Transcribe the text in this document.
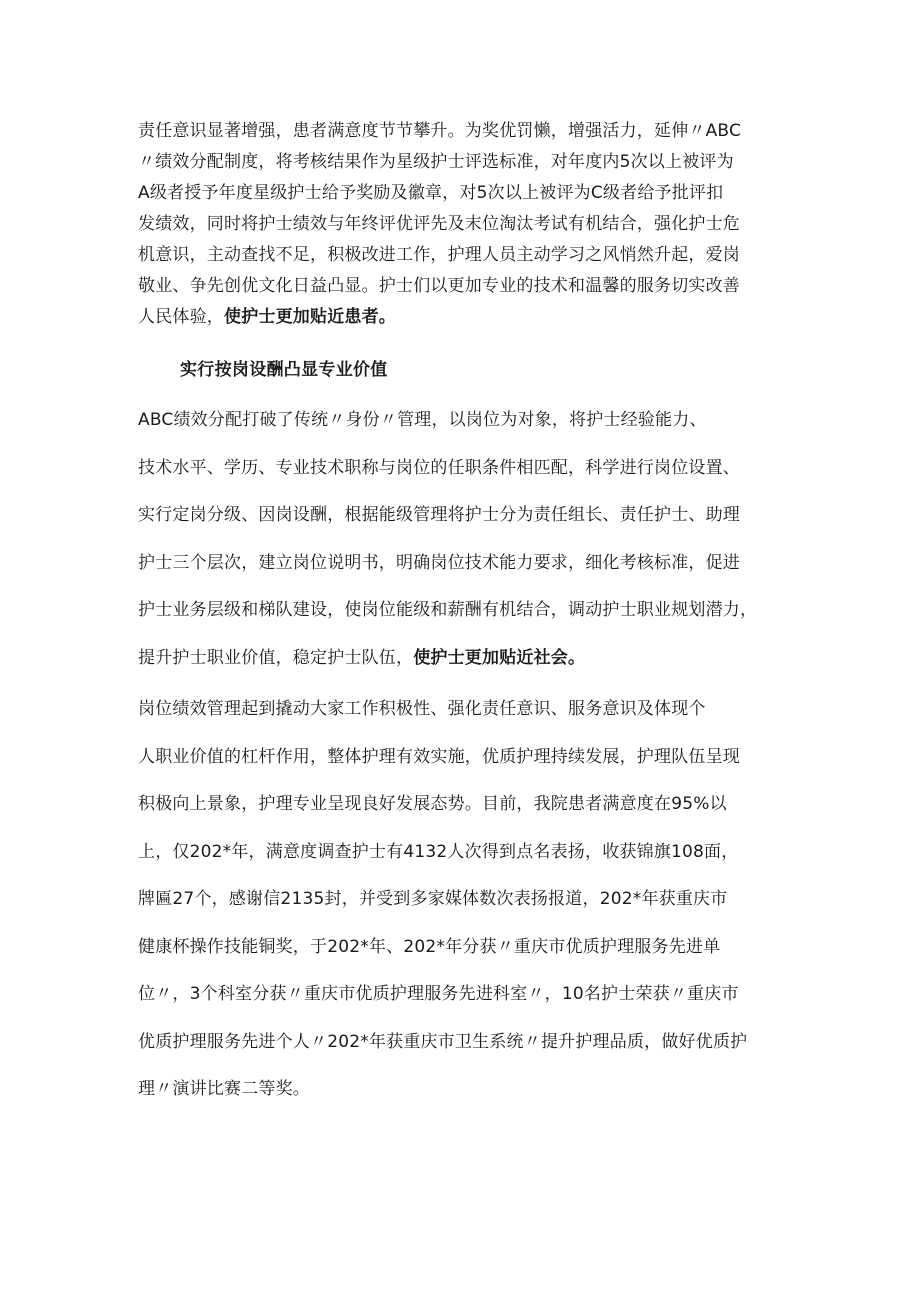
责任意识显著增强，患者满意度节节攀升。为奖优罚懒，增强活力，延伸〃ABC
〃绩效分配制度，将考核结果作为星级护士评选标准，对年度内5次以上被评为
A级者授予年度星级护士给予奖励及徽章，对5次以上被评为C级者给予批评扣
发绩效，同时将护士绩效与年终评优评先及末位淘汰考试有机结合，强化护士危
机意识，主动查找不足，积极改进工作，护理人员主动学习之风悄然升起，爱岗
敬业、争先创优文化日益凸显。护士们以更加专业的技术和温馨的服务切实改善
人民体验，使护士更加贴近患者。

实行按岗设酬凸显专业价值

ABC绩效分配打破了传统〃身份〃管理，以岗位为对象，将护士经验能力、
技术水平、学历、专业技术职称与岗位的任职条件相匹配，科学进行岗位设置、
实行定岗分级、因岗设酬，根据能级管理将护士分为责任组长、责任护士、助理
护士三个层次，建立岗位说明书，明确岗位技术能力要求，细化考核标准，促进
护士业务层级和梯队建设，使岗位能级和薪酬有机结合，调动护士职业规划潜力，
提升护士职业价值，稳定护士队伍，使护士更加贴近社会。

岗位绩效管理起到撬动大家工作积极性、强化责任意识、服务意识及体现个
人职业价值的杠杆作用，整体护理有效实施，优质护理持续发展，护理队伍呈现
积极向上景象，护理专业呈现良好发展态势。目前，我院患者满意度在95%以
上，仅202*年，满意度调查护士有4132人次得到点名表扬，收获锦旗108面，
牌匾27个，感谢信2135封，并受到多家媒体数次表扬报道，202*年获重庆市
健康杯操作技能铜奖，于202*年、202*年分获〃重庆市优质护理服务先进单
位〃，3个科室分获〃重庆市优质护理服务先进科室〃，10名护士荣获〃重庆市
优质护理服务先进个人〃202*年获重庆市卫生系统〃提升护理品质，做好优质护
理〃演讲比赛二等奖。
